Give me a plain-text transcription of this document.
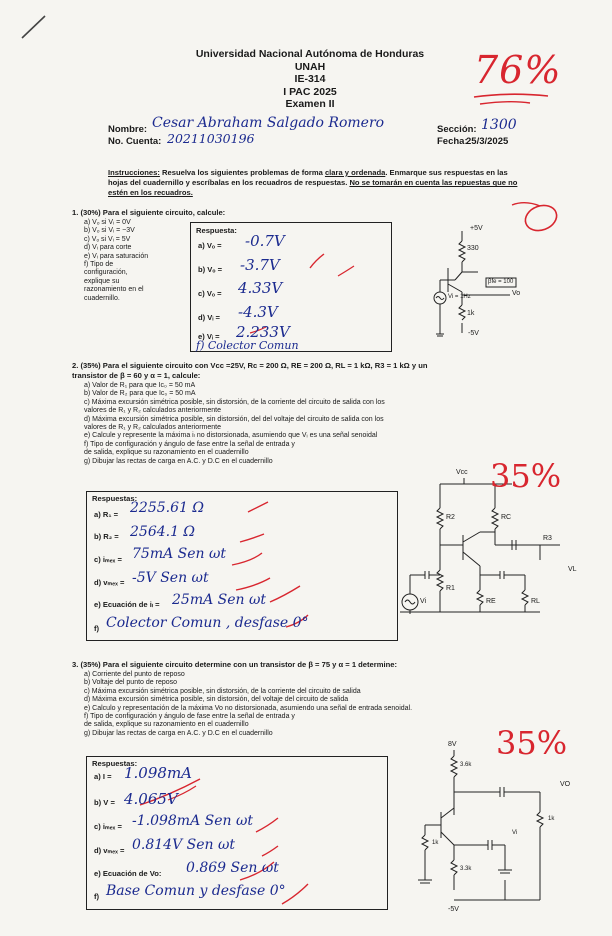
Universidad Nacional Autónoma de Honduras
UNAH
IE-314
I PAC 2025
Examen II
76%
Nombre: Cesar Abraham Salgado Romero
No. Cuenta: 20211030196
Sección: 1300
Fecha:
25/3/2025
Instrucciones: Resuelva los siguientes problemas de forma clara y ordenada. Enmarque sus respuestas en las hojas del cuadernillo y escríbalas en los recuadros de respuestas. No se tomarán en cuenta las repuestas que no estén en los recuadros.
1. (30%) Para el siguiente circuito, calcule:
a) Vₒ si Vᵢ = 0V
b) Vₒ si Vᵢ = −3V
c) Vₒ si Vᵢ = 5V
d) Vᵢ para corte
e) Vᵢ para saturación
f) Tipo de
configuración,
explique su
razonamiento en el
cuadernillo.
Respuesta:
a) Vₒ = -0.7V
b) Vₒ = -3.7V
c) Vₒ = 4.33V
d) Vᵢ = -4.3V
e) Vᵢ = 2.233V
f) Colector Comun
+5V
330
βfe = 100
Vo
Vi = 1Hz
1k
-5V
2. (35%) Para el siguiente circuito con Vcc =25V, Rc = 200 Ω, RE = 200 Ω, RL = 1 kΩ, R3 = 1 kΩ y un
transistor de β = 60 y α = 1, calcule:
a) Valor de R₁ para que Iᴄ₀ = 50 mA
b) Valor de R₂ para que Iᴄ₀ = 50 mA
c) Máxima excursión simétrica posible, sin distorsión, de la corriente del circuito de salida con los
valores de R₁ y R₂ calculados anteriormente
d) Máxima excursión simétrica posible, sin distorsión, del del voltaje del circuito de salida con los
valores de R₁ y R₂ calculados anteriormente
e) Calcule y represente la máxima iₗ no distorsionada, asumiendo que Vᵢ es una señal senoidal
f) Tipo de configuración y ángulo de fase entre la señal de entrada y
de salida, explique su razonamiento en el cuadernillo
g) Dibujar las rectas de carga en A.C. y D.C en el cuadernillo	35%
Respuestas:
a) R₁ = 2255.61 Ω
b) R₂ = 2564.1 Ω
c) iₘₑₓ = 75mA Sen ωt
d) vₘₑₓ = -5V Sen ωt
e) Ecuación de iₗ = 25mA Sen ωt
f) Colector Comun , desfase 0°
Vcc
R2	RC
R3
VL
R1
RE	RL
Vi
3. (35%) Para el siguiente circuito determine con un transistor de β = 75 y α = 1 determine:
a) Corriente del punto de reposo
b) Voltaje del punto de reposo
c) Máxima excursión simétrica posible, sin distorsión, de la corriente del circuito de salida
d) Máxima excursión simétrica posible, sin distorsión, del voltaje del circuito de salida
e) Calculo y representación de la máxima Vo no distorsionada, asumiendo una señal de entrada senoidal.
f) Tipo de configuración y ángulo de fase entre la señal de entrada y
de salida, explique su razonamiento en el cuadernillo
g) Dibujar las rectas de carga en A.C. y D.C en el cuadernillo	35%
Respuestas:
a) I = 1.098mA
b) V = 4.065V
c) iₘₑₓ = -1.098mA Sen ωt
d) vₘₑₓ = 0.814V Sen ωt
e) Ecuación de Vo: 0.869 Sen ωt
f) Base Comun y desfase 0°
8V
3.6k
VO
1k
1k
Vi
3.3k
-5V
